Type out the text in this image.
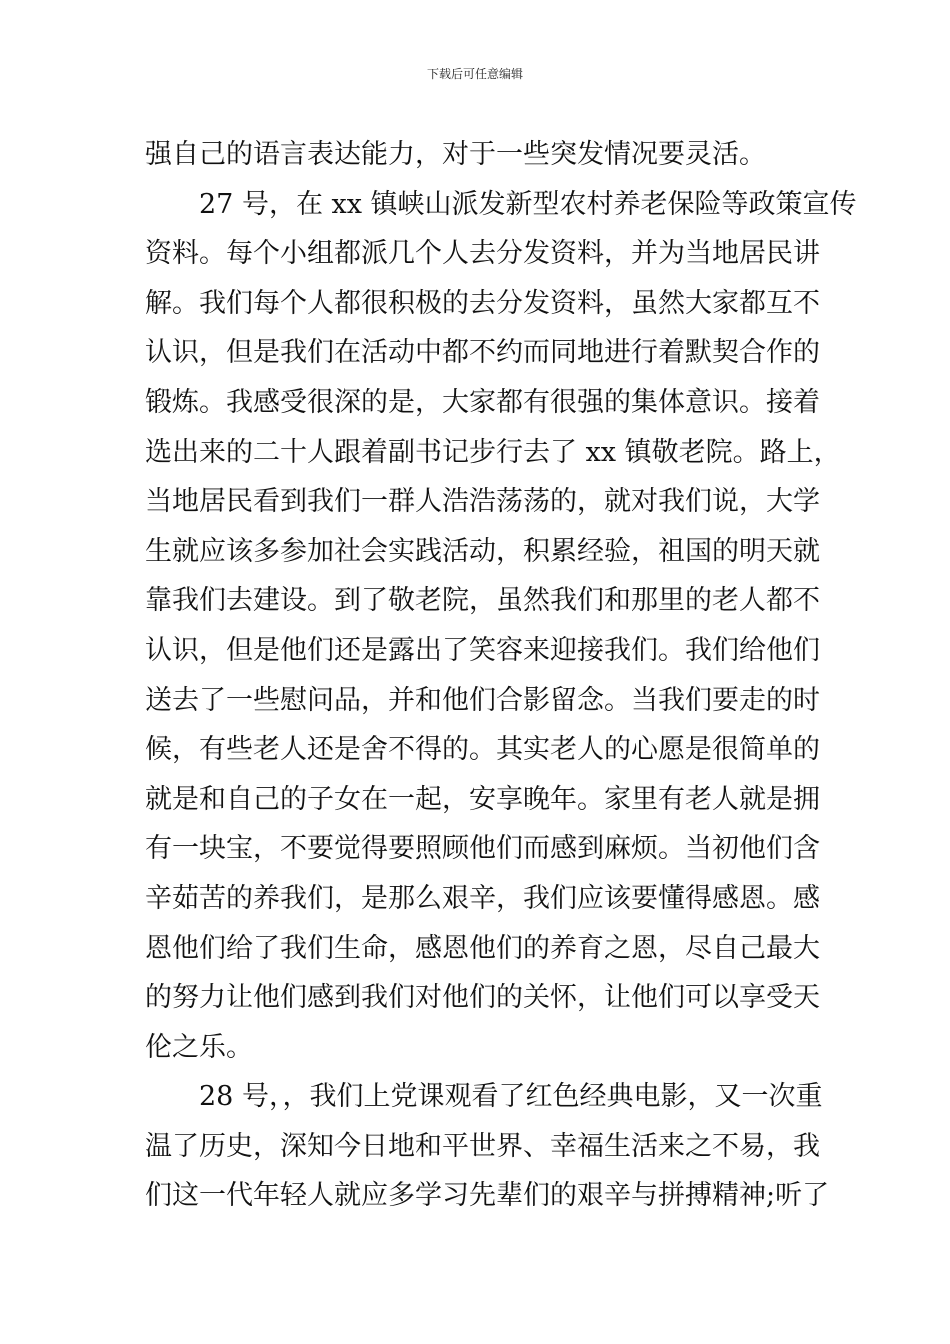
下载后可任意编辑
强自己的语言表达能力，对于一些突发情况要灵活。
27 号，在 xx 镇峡山派发新型农村养老保险等政策宣传
资料。每个小组都派几个人去分发资料，并为当地居民讲
解。我们每个人都很积极的去分发资料，虽然大家都互不
认识，但是我们在活动中都不约而同地进行着默契合作的
锻炼。我感受很深的是，大家都有很强的集体意识。接着
选出来的二十人跟着副书记步行去了 xx 镇敬老院。路上，
当地居民看到我们一群人浩浩荡荡的，就对我们说，大学
生就应该多参加社会实践活动，积累经验，祖国的明天就
靠我们去建设。到了敬老院，虽然我们和那里的老人都不
认识，但是他们还是露出了笑容来迎接我们。我们给他们
送去了一些慰问品，并和他们合影留念。当我们要走的时
候，有些老人还是舍不得的。其实老人的心愿是很简单的
就是和自己的子女在一起，安享晚年。家里有老人就是拥
有一块宝，不要觉得要照顾他们而感到麻烦。当初他们含
辛茹苦的养我们，是那么艰辛，我们应该要懂得感恩。感
恩他们给了我们生命，感恩他们的养育之恩，尽自己最大
的努力让他们感到我们对他们的关怀，让他们可以享受天
伦之乐。
28 号，，我们上党课观看了红色经典电影，又一次重
温了历史，深知今日地和平世界、幸福生活来之不易，我
们这一代年轻人就应多学习先辈们的艰辛与拼搏精神;听了
